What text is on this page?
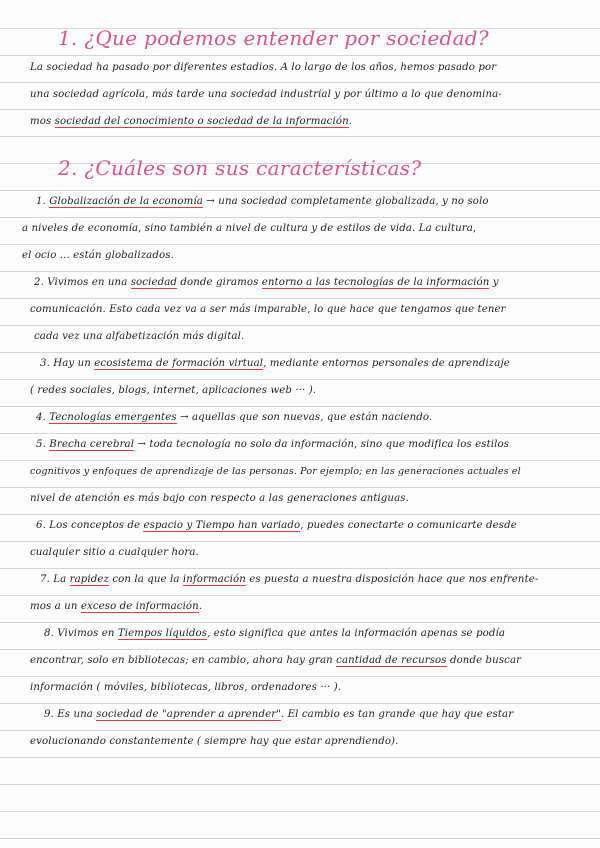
1. ¿Que podemos entender por sociedad?
La sociedad ha pasado por diferentes estadios. A lo largo de los años, hemos pasado por
una sociedad agrícola, más tarde una sociedad industrial y por último a lo que denomina-
mos sociedad del conocimiento o sociedad de la información.
2. ¿Cuáles son sus características?
1. Globalización de la economía → una sociedad completamente globalizada, y no solo
a niveles de economía, sino también a nivel de cultura y de estilos de vida. La cultura,
el ocio ... están globalizados.
2. Vivimos en una sociedad donde giramos entorno a las tecnologías de la información y
comunicación. Esto cada vez va a ser más imparable, lo que hace que tengamos que tener
cada vez una alfabetización más digital.
3. Hay un ecosistema de formación virtual, mediante entornos personales de aprendizaje
( redes sociales, blogs, internet, aplicaciones web ··· ).
4. Tecnologías emergentes → aquellas que son nuevas, que están naciendo.
5. Brecha cerebral → toda tecnología no solo da información, sino que modifica los estilos
cognitivos y enfoques de aprendizaje de las personas. Por ejemplo; en las generaciones actuales el
nivel de atención es más bajo con respecto a las generaciones antiguas.
6. Los conceptos de espacio y Tiempo han variado, puedes conectarte o comunicarte desde
cualquier sitio a cualquier hora.
7. La rapidez con la que la información es puesta a nuestra disposición hace que nos enfrente-
mos a un exceso de información.
8. Vivimos en Tiempos líquidos, esto significa que antes la información apenas se podía
encontrar, solo en bibliotecas; en cambio, ahora hay gran cantidad de recursos donde buscar
información ( móviles, bibliotecas, libros, ordenadores ··· ).
9. Es una sociedad de "aprender a aprender". El cambio es tan grande que hay que estar
evolucionando constantemente ( siempre hay que estar aprendiendo).
